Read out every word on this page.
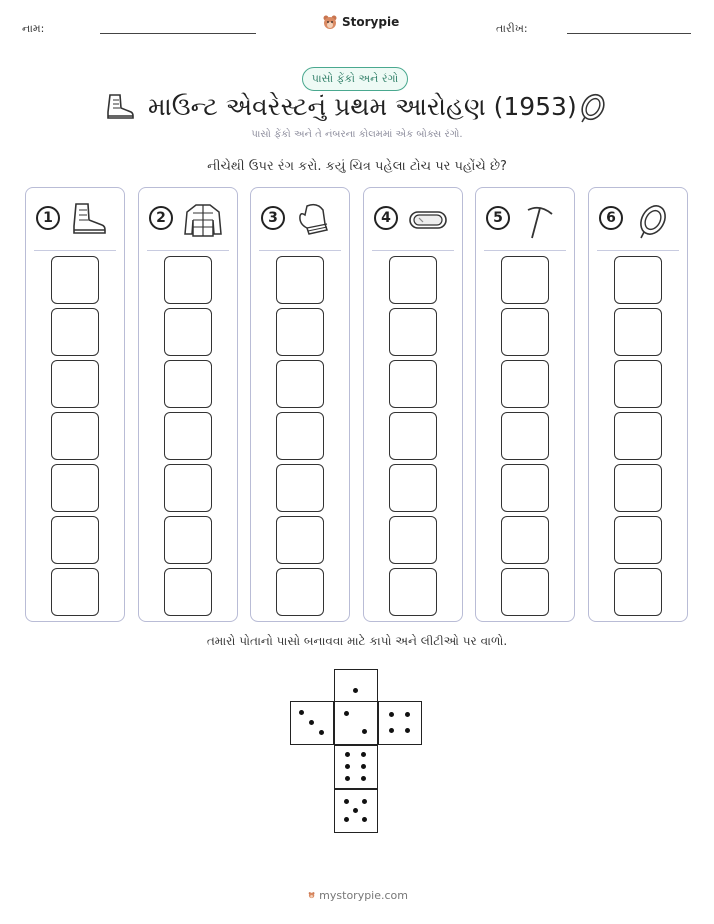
નામ:	Storypie	તારીખ:
પાસો ફેંકો અને રંગો
માઉન્ટ એવરેસ્ટનું પ્રથમ આરોહણ (1953)
પાસો ફેંકો અને તે નંબરના કોલમમાં એક બોક્સ રંગો.
નીચેથી ઉપર રંગ કરો. કયું ચિત્ર પહેલા ટોચ પર પહોંચે છે?
1	2	3	4	5	6
તમારો પોતાનો પાસો બનાવવા માટે કાપો અને લીટીઓ પર વાળો.
mystorypie.com
